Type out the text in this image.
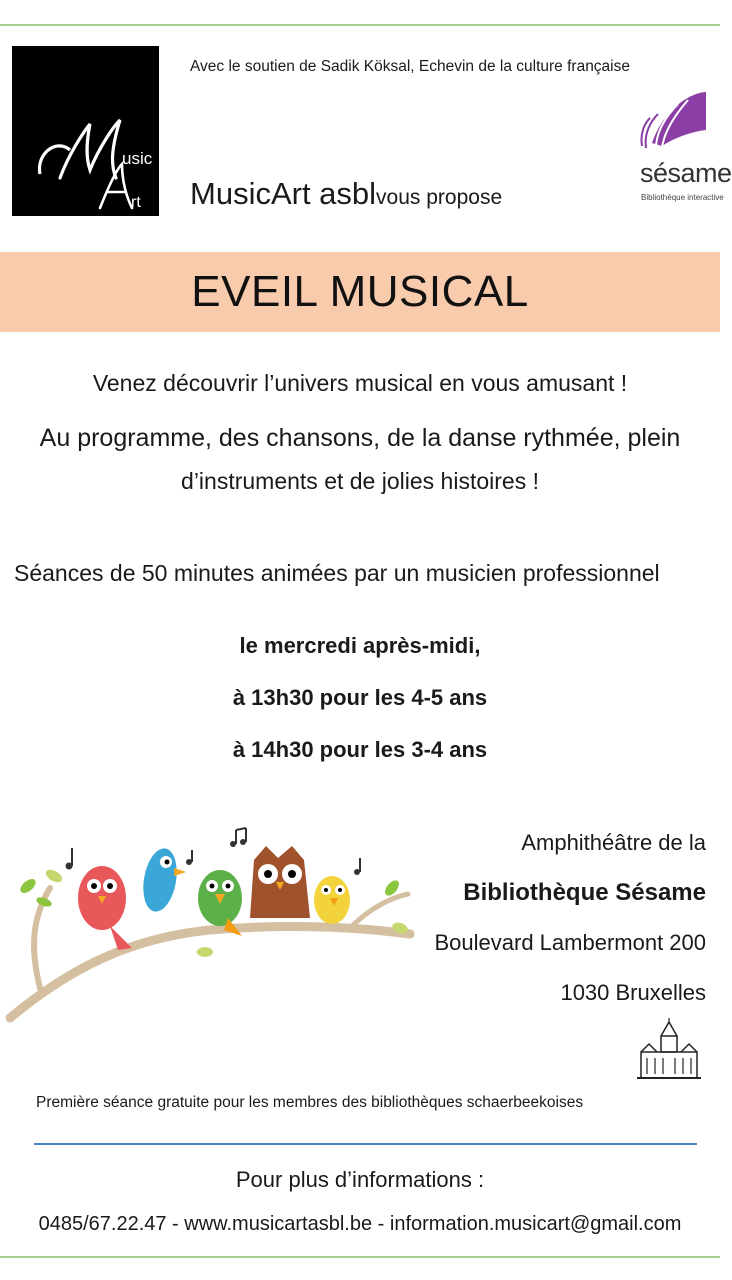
usic
rt
Avec le soutien de Sadik Köksal, Echevin de la culture française
MusicArt asblvous propose
sésame
Bibliothèque interactive
EVEIL MUSICAL
Venez découvrir l’univers musical en vous amusant !
Au programme, des chansons, de la danse rythmée, plein
d’instruments et de jolies histoires !
Séances de 50 minutes animées par un musicien professionnel
le mercredi après-midi,
à 13h30 pour les 4-5 ans
à 14h30 pour les 3-4 ans
Amphithéâtre de la
Bibliothèque Sésame
Boulevard Lambermont 200
1030 Bruxelles
Première séance gratuite pour les membres des bibliothèques schaerbeekoises
Pour plus d’informations :
0485/67.22.47 - www.musicartasbl.be - information.musicart@gmail.com
